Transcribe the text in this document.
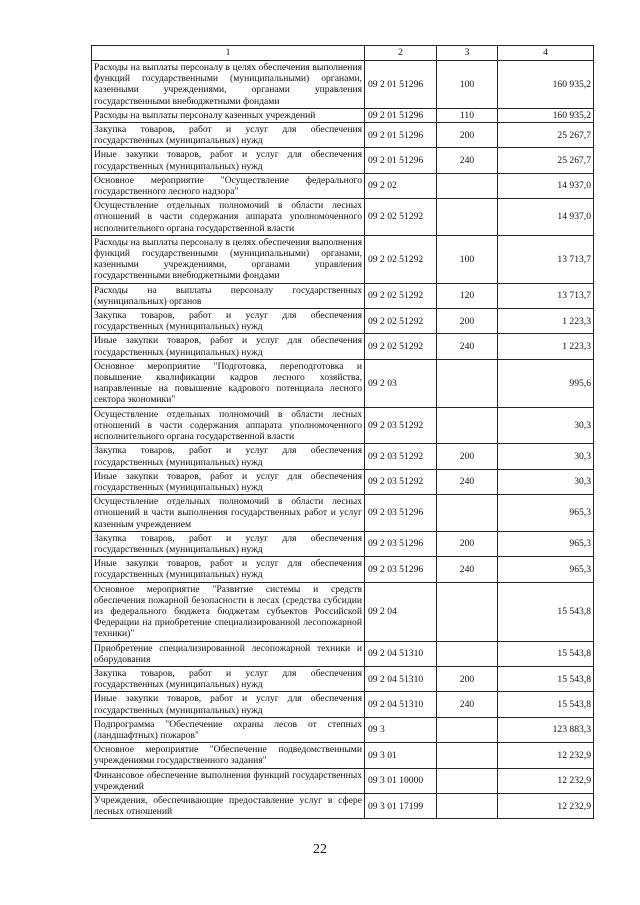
1	2	3	4
Расходы на выплаты персоналу в целях обеспечения выполнения функций государственными (муниципальными) органами, казенными учреждениями, органами управления государственными внебюджетными фондами	09 2 01 51296	100	160 935,2
Расходы на выплаты персоналу казенных учреждений	09 2 01 51296	110	160 935,2
Закупка товаров, работ и услуг для обеспечения государственных (муниципальных) нужд	09 2 01 51296	200	25 267,7
Иные закупки товаров, работ и услуг для обеспечения государственных (муниципальных) нужд	09 2 01 51296	240	25 267,7
Основное мероприятие "Осуществление федерального государственного лесного надзора"	09 2 02		14 937,0
Осуществление отдельных полномочий в области лесных отношений в части содержания аппарата уполномоченного исполнительного органа государственной власти	09 2 02 51292		14 937,0
Расходы на выплаты персоналу в целях обеспечения выполнения функций государственными (муниципальными) органами, казенными учреждениями, органами управления государственными внебюджетными фондами	09 2 02 51292	100	13 713,7
Расходы на выплаты персоналу государственных (муниципальных) органов	09 2 02 51292	120	13 713,7
Закупка товаров, работ и услуг для обеспечения государственных (муниципальных) нужд	09 2 02 51292	200	1 223,3
Иные закупки товаров, работ и услуг для обеспечения государственных (муниципальных) нужд	09 2 02 51292	240	1 223,3
Основное мероприятие "Подготовка, переподготовка и повышение квалификации кадров лесного хозяйства, направленные на повышение кадрового потенциала лесного сектора экономики"	09 2 03		995,6
Осуществление отдельных полномочий в области лесных отношений в части содержания аппарата уполномоченного исполнительного органа государственной власти	09 2 03 51292		30,3
Закупка товаров, работ и услуг для обеспечения государственных (муниципальных) нужд	09 2 03 51292	200	30,3
Иные закупки товаров, работ и услуг для обеспечения государственных (муниципальных) нужд	09 2 03 51292	240	30,3
Осуществление отдельных полномочий в области лесных отношений в части выполнения государственных работ и услуг казенным учреждением	09 2 03 51296		965,3
Закупка товаров, работ и услуг для обеспечения государственных (муниципальных) нужд	09 2 03 51296	200	965,3
Иные закупки товаров, работ и услуг для обеспечения государственных (муниципальных) нужд	09 2 03 51296	240	965,3
Основное мероприятие "Развитие системы и средств обеспечения пожарной безопасности в лесах (средства субсидии из федерального бюджета бюджетам субъектов Российской Федерации на приобретение специализированной лесопожарной техники)"	09 2 04		15 543,8
Приобретение специализированной лесопожарной техники и оборудования	09 2 04 51310		15 543,8
Закупка товаров, работ и услуг для обеспечения государственных (муниципальных) нужд	09 2 04 51310	200	15 543,8
Иные закупки товаров, работ и услуг для обеспечения государственных (муниципальных) нужд	09 2 04 51310	240	15 543,8
Подпрограмма "Обеспечение охраны лесов от степных (ландшафтных) пожаров"	09 3		123 883,3
Основное мероприятие "Обеспечение подведомственными учреждениями государственного задания"	09 3 01		12 232,9
Финансовое обеспечение выполнения функций государственных учреждений	09 3 01 10000		12 232,9
Учреждения, обеспечивающие предоставление услуг в сфере лесных отношений	09 3 01 17199		12 232,9
22
